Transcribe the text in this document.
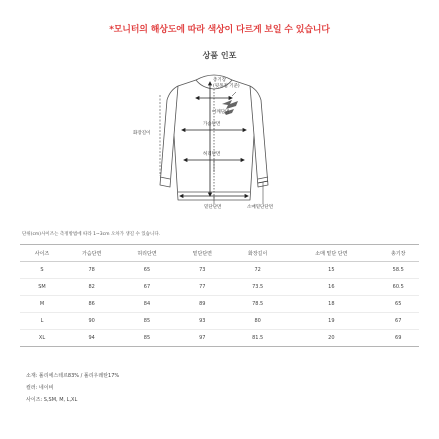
*모니터의 해상도에 따라 색상이 다르게 보일 수 있습니다
상품 인포
총기장
(뒷목점 기준)
어깨단면
가슴단면
허리단면
밑단단면	소매밑단단면
화장길이
단위(cm)사이즈는 측정방법에 따라 1~3cm 오차가 생길 수 있습니다.
사이즈	가슴단면	허리단면	밑단단면	화장길이	소매 밑단 단면	총기장
S	78	65	73	72	15	58.5
SM	82	67	77	73.5	16	60.5
M	86	84	89	78.5	18	65
L	90	85	93	80	19	67
XL	94	85	97	81.5	20	69
소재: 폴리에스테르83% / 폴리우레탄17%
컬러: 네이비
사이즈: S,SM, M, L,XL
